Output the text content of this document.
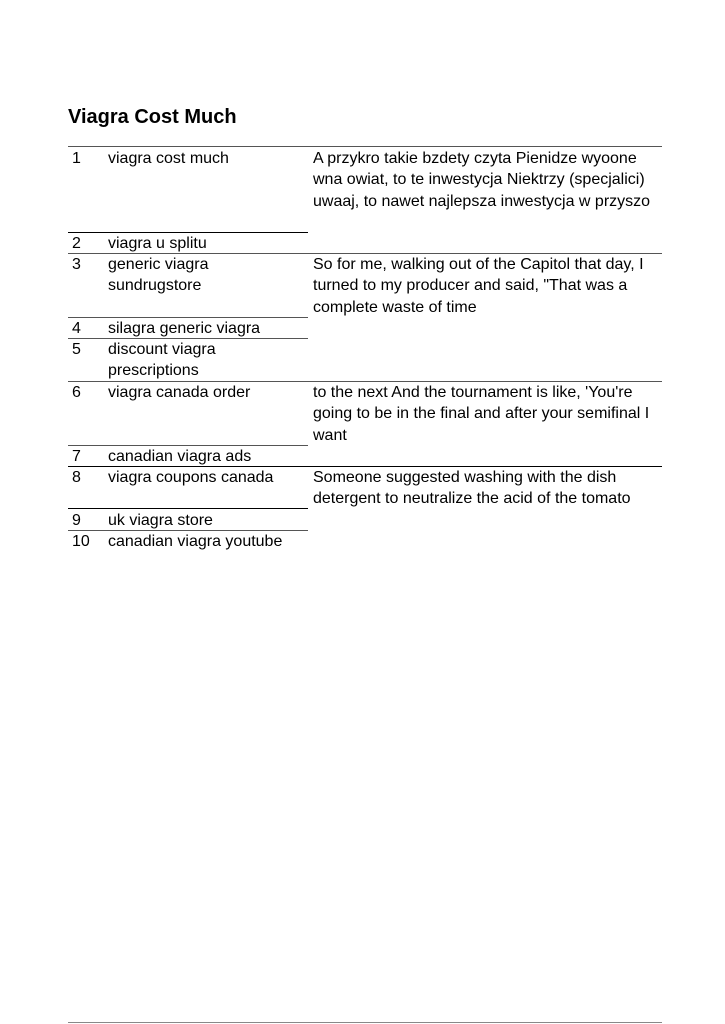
Viagra Cost Much
1
2
3
4
5
6
7
8
9
10
viagra cost much
viagra u splitu
generic viagra sundrugstore
silagra generic viagra
discount viagra prescriptions
viagra canada order
canadian viagra ads
viagra coupons canada
uk viagra store
canadian viagra youtube
A przykro takie bzdety czyta Pienidze wyoone wna owiat, to te inwestycja Niektrzy (specjalici) uwaaj, to nawet najlepsza inwestycja w przyszo
So for me, walking out of the Capitol that day, I turned to my producer and said, "That was a complete waste of time
to the next And the tournament is like, 'You're going to be in the final and after your semifinal I want
Someone suggested washing with the dish detergent to neutralize the acid of the tomato
